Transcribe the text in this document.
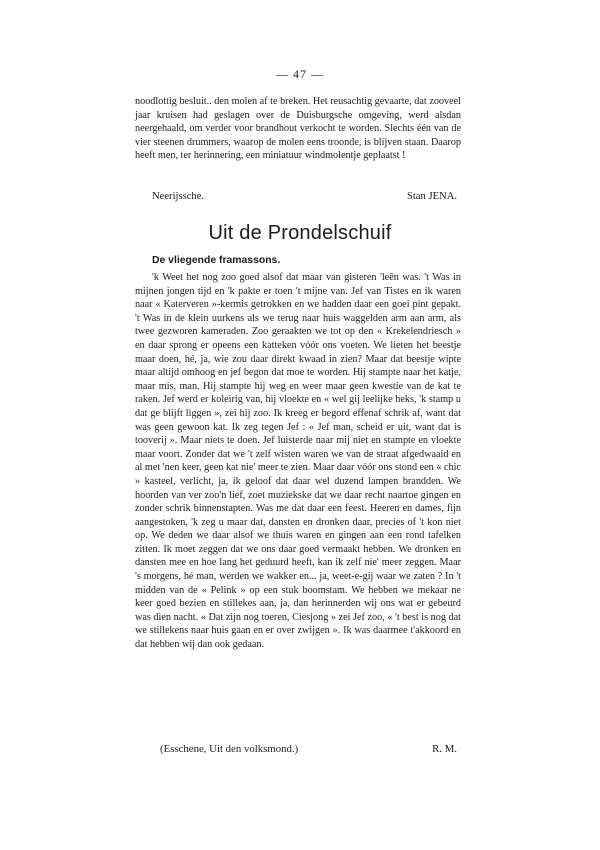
— 47 —

noodlottig besluit.. den molen af te breken. Het reusachtig gevaarte, dat zooveel jaar kruisen had geslagen over de Duisburgsche omgeving, werd alsdan neergehaald, om verder voor brandhout verkocht te worden. Slechts één van de vier steenen drummers, waarop de molen eens troonde, is blijven staan. Daarop heeft men, ter herinnering, een miniatuur windmolentje geplaatst !

Neerijssche.	Stan JENA.
Uit de Prondelschuif
De vliegende framassons.

'k Weet het nog zoo goed alsof dat maar van gisteren 'leên was. 't Was in mijnen jongen tijd en 'k pakte er toen 't mijne van. Jef van Tistes en ik waren naar « Katerveren »-kermis getrokken en we hadden daar een goei pint gepakt. 't Was in de klein uurkens als we terug naar huis waggelden arm aan arm, als twee gezworen kameraden. Zoo geraakten we tot op den « Krekelendriesch » en daar sprong er opeens een katteken vóór ons voeten. We lieten het beestje maar doen, hé, ja, wie zou daar direkt kwaad in zien? Maar dat beestje wipte maar altijd omhoog en jef begon dat moe te worden. Hij stampte naar het katje, maar mis, man. Hij stampte hij weg en weer maar geen kwestie van de kat te raken. Jef werd er koleirig van, hij vloekte en « wel gij leelijke heks, 'k stamp u dat ge blijft liggen », zei hij zoo. Ik kreeg er begord effenaf schrik af, want dat was geen gewoon kat. Ik zeg tegen Jef : « Jef man, scheid er uit, want dat is tooverij ». Maar niets te doen. Jef luisterde naar mij niet en stampte en vloekte maar voort. Zonder dat we 't zelf wisten waren we van de straat afgedwaaid en al met 'nen keer, geen kat nie' meer te zien. Maar daar vóór ons stond een « chic » kasteel, verlicht, ja, ik geloof dat daar wel duzend lampen brandden. We hoorden van ver zoo'n lief, zoet muziekske dat we daar recht naartoe gingen en zonder schrik binnenstapten. Was me dat daar een feest. Heeren en dames, fijn aangestoken, 'k zeg u maar dat, dansten en dronken daar, precies of 't kon niet op. We deden we daar alsof we thuis waren en gingen aan een rond tafelken zitten. Ik moet zeggen dat we ons daar goed vermaakt hebben. We dronken en dansten mee en hoe lang het geduurd heeft, kan ik zelf nie' meer zeggen. Maar 's morgens, hé man, werden we wakker en... ja, weet-e-gij waar we zaten ? In 't midden van de « Pelink » op een stuk boomstam. We hebben we mekaar ne keer goed bezien en stillekes aan, ja, dan herinnerden wij ons wat er gebeurd was dien nacht. « Dat zijn nog toeren, Ciesjong » zei Jef zoo, « 't best is nog dat we stillekens naar huis gaan en er over zwijgen ». Ik was daarmee t'akkoord en dat hebben wij dan ook gedaan.

(Esschene, Uit den volksmond.)	R. M.
